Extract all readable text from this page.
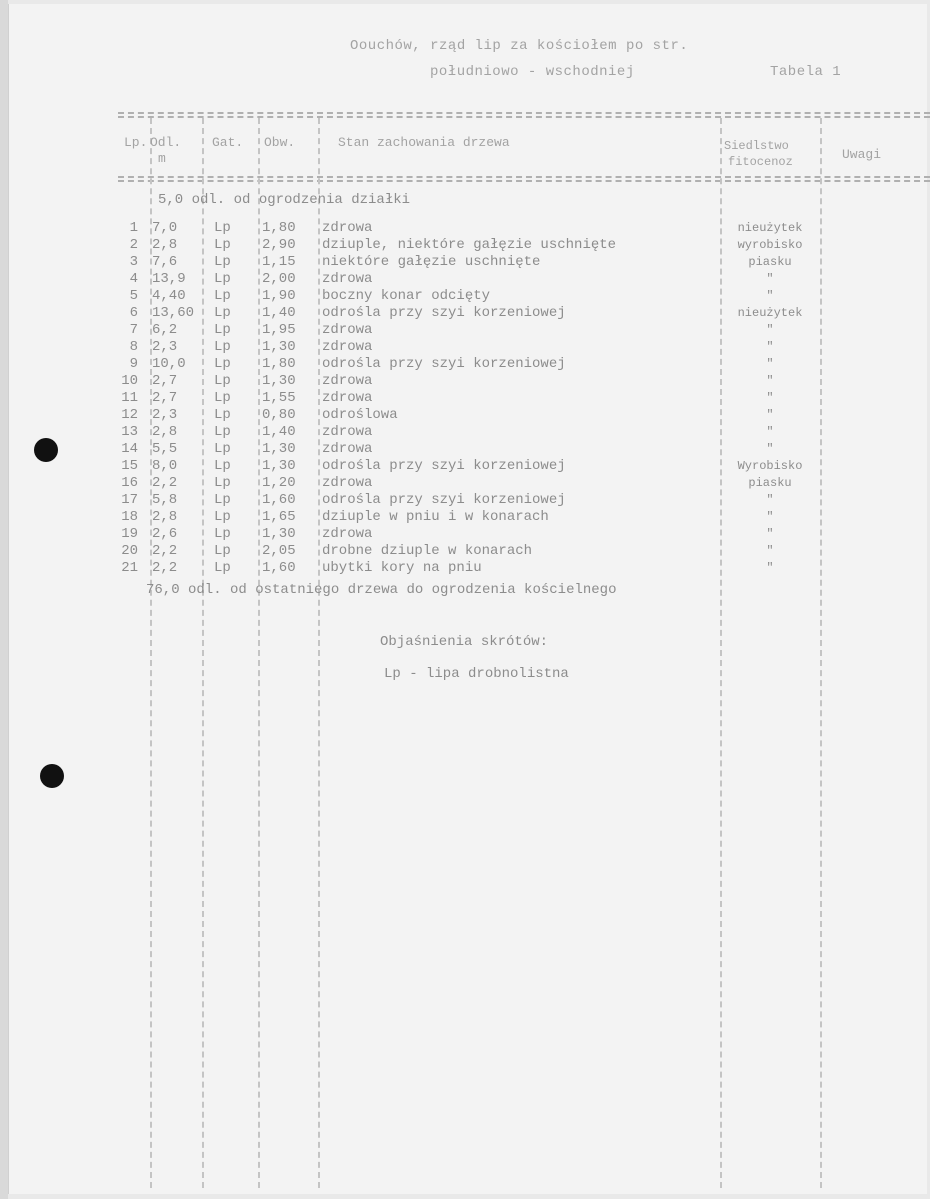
Oouchów, rząd lip za kościołem po str.
południowo - wschodniej	Tabela 1
Lp. Odl.
m
Gat. Obw.	Stan zachowania drzewa	Siedlstwo
fitocenoz	Uwagi
5,0 odl. od ogrodzenia działki
1 7,0	Lp	1,80	zdrowa	nieużytek
2 2,8	Lp	2,90	dziuple, niektóre gałęzie uschnięte	wyrobisko
3 7,6	Lp	1,15	niektóre gałęzie uschnięte	piasku
4 13,9	Lp	2,00	zdrowa	"
5 4,40	Lp	1,90	boczny konar odcięty	"
6 13,60	Lp	1,40	odrośla przy szyi korzeniowej	nieużytek
7 6,2	Lp	1,95	zdrowa	"
8 2,3	Lp	1,30	zdrowa	"
9 10,0	Lp	1,80	odrośla przy szyi korzeniowej	"
10 2,7	Lp	1,30	zdrowa	"
11 2,7	Lp	1,55	zdrowa	"
12 2,3	Lp	0,80	odroślowa	"
13 2,8	Lp	1,40	zdrowa	"
14 5,5	Lp	1,30	zdrowa	"
15 8,0	Lp	1,30	odrośla przy szyi korzeniowej	Wyrobisko
16 2,2	Lp	1,20	zdrowa	piasku
17 5,8	Lp	1,60	odrośla przy szyi korzeniowej	"
18 2,8	Lp	1,65	dziuple w pniu i w konarach	"
19 2,6	Lp	1,30	zdrowa	"
20 2,2	Lp	2,05	drobne dziuple w konarach	"
21 2,2	Lp	1,60	ubytki kory na pniu	"
76,0 odl. od ostatniego drzewa do ogrodzenia kościelnego
Objaśnienia skrótów:
Lp - lipa drobnolistna
